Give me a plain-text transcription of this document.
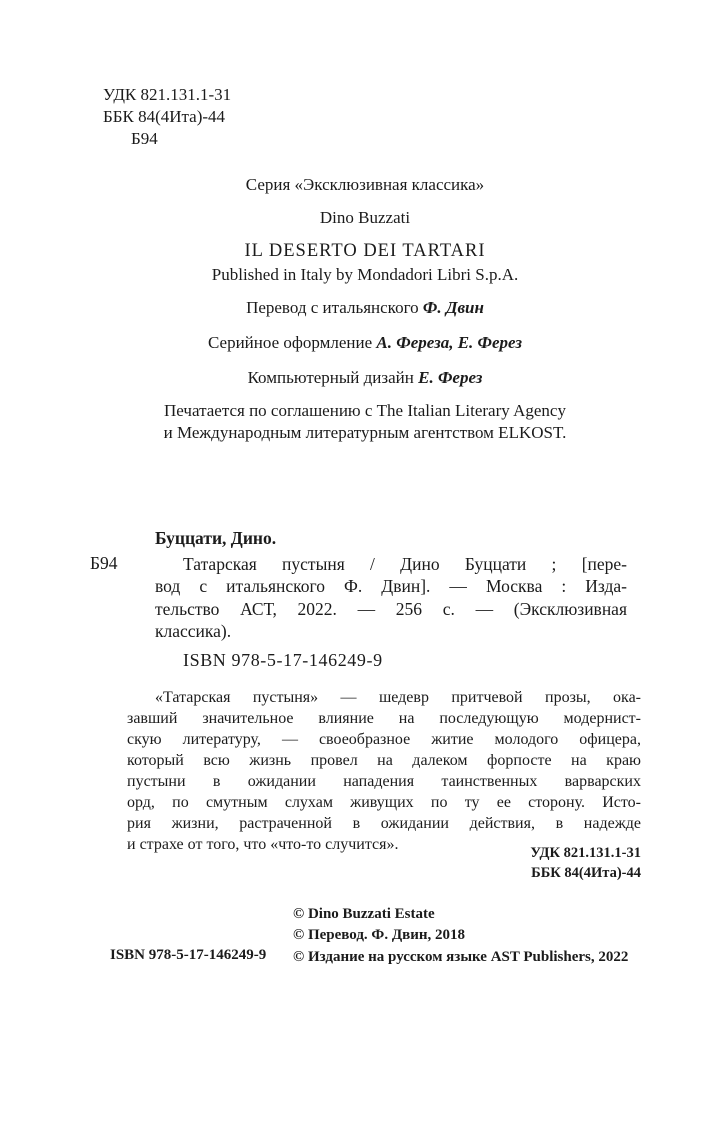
УДК 821.131.1-31
ББК 84(4Ита)-44
Б94
Серия «Эксклюзивная классика»
Dino Buzzati
IL DESERTO DEI TARTARI
Published in Italy by Mondadori Libri S.p.A.
Перевод с итальянского Ф. Двин
Серийное оформление А. Фереза, Е. Ферез
Компьютерный дизайн Е. Ферез
Печатается по соглашению с The Italian Literary Agency
и Международным литературным агентством ELKOST.
Буццати, Дино.
Б94	Татарская пустыня / Дино Буццати ; [пере-
вод с итальянского Ф. Двин]. — Москва : Изда-
тельство АСТ, 2022. — 256 с. — (Эксклюзивная
классика).
ISBN 978-5-17-146249-9
«Татарская пустыня» — шедевр притчевой прозы, ока-
завший значительное влияние на последующую модернист-
скую литературу, — своеобразное житие молодого офицера,
который всю жизнь провел на далеком форпосте на краю
пустыни в ожидании нападения таинственных варварских
орд, по смутным слухам живущих по ту ее сторону. Исто-
рия жизни, растраченной в ожидании действия, в надежде
и страхе от того, что «что-то случится».	УДК 821.131.1-31
ББК 84(4Ита)-44
© Dino Buzzati Estate
© Перевод. Ф. Двин, 2018
© Издание на русском языке AST Publishers, 2022
ISBN 978-5-17-146249-9
